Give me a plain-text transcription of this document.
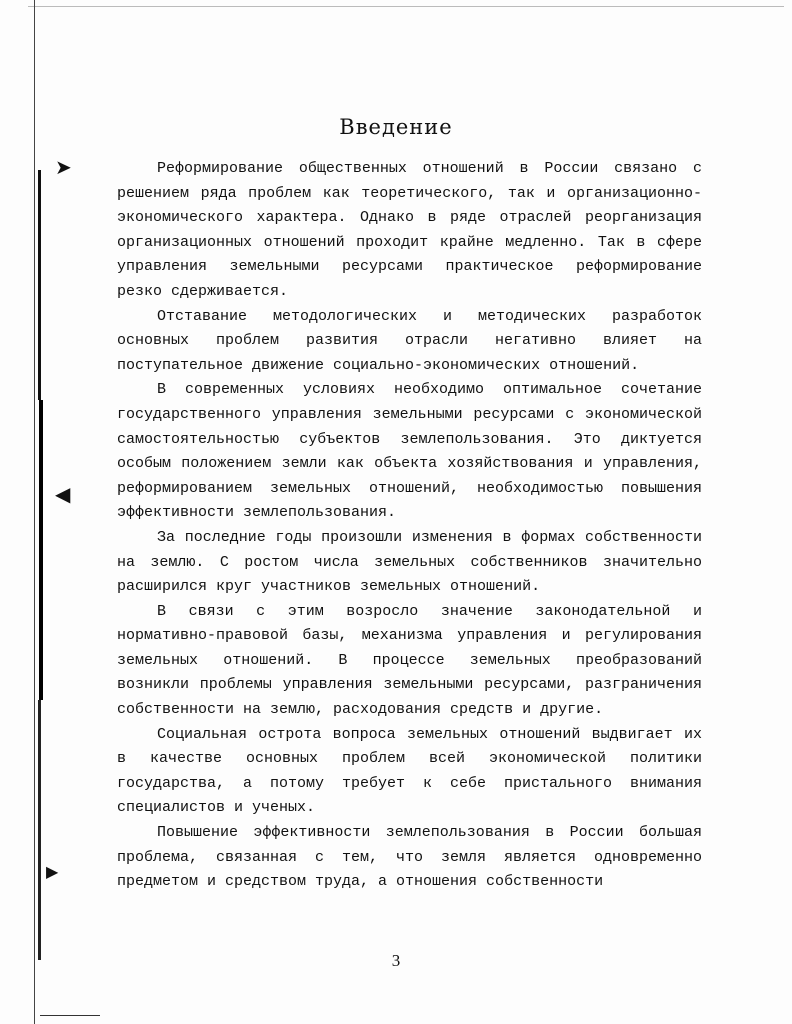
➤
◀
▶
Введение

Реформирование общественных отношений в России связано с решением ряда проблем как теоретического, так и организационно-экономического характера. Однако в ряде отраслей реорганизация организационных отношений проходит крайне медленно. Так в сфере управления земельными ресурсами практическое реформирование резко сдерживается.

Отставание методологических и методических разработок основных проблем развития отрасли негативно влияет на поступательное движение социально-экономических отношений.

В современных условиях необходимо оптимальное сочетание государственного управления земельными ресурсами с экономической самостоятельностью субъектов землепользования. Это диктуется особым положением земли как объекта хозяйствования и управления, реформированием земельных отношений, необходимостью повышения эффективности землепользования.

За последние годы произошли изменения в формах собственности на землю. С ростом числа земельных собственников значительно расширился круг участников земельных отношений.

В связи с этим возросло значение законодательной и нормативно-правовой базы, механизма управления и регулирования земельных отношений. В процессе земельных преобразований возникли проблемы управления земельными ресурсами, разграничения собственности на землю, расходования средств и другие.

Социальная острота вопроса земельных отношений выдвигает их в качестве основных проблем всей экономической политики государства, а потому требует к себе пристального внимания специалистов и ученых.

Повышение эффективности землепользования в России большая проблема, связанная с тем, что земля является одновременно предметом и средством труда, а отношения собственности

3
